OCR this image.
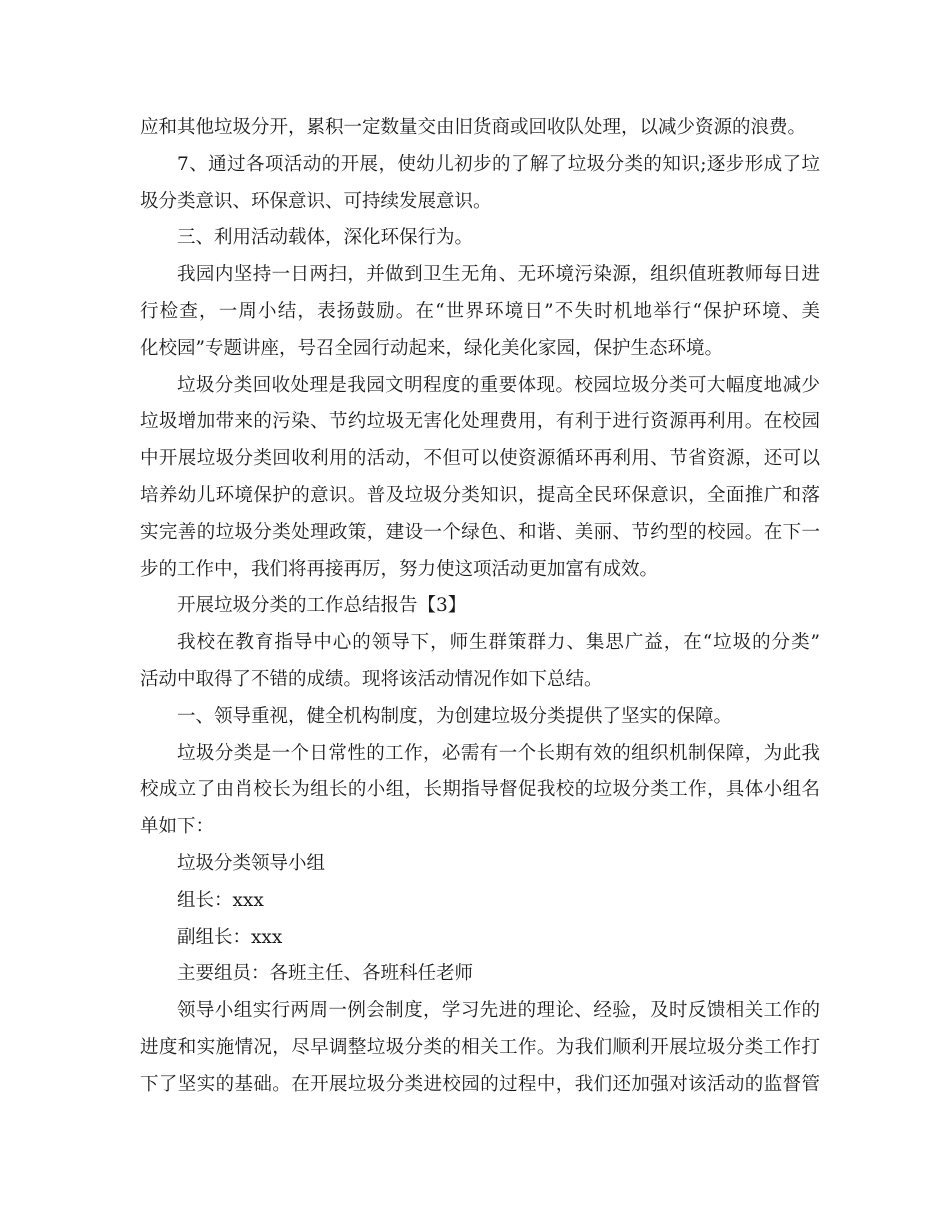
应和其他垃圾分开，累积一定数量交由旧货商或回收队处理，以减少资源的浪费。
7、通过各项活动的开展，使幼儿初步的了解了垃圾分类的知识;逐步形成了垃
圾分类意识、环保意识、可持续发展意识。
三、利用活动载体，深化环保行为。
我园内坚持一日两扫，并做到卫生无角、无环境污染源，组织值班教师每日进
行检查，一周小结，表扬鼓励。在“世界环境日”不失时机地举行“保护环境、美
化校园”专题讲座，号召全园行动起来，绿化美化家园，保护生态环境。
垃圾分类回收处理是我园文明程度的重要体现。校园垃圾分类可大幅度地减少
垃圾增加带来的污染、节约垃圾无害化处理费用，有利于进行资源再利用。在校园
中开展垃圾分类回收利用的活动，不但可以使资源循环再利用、节省资源，还可以
培养幼儿环境保护的意识。普及垃圾分类知识，提高全民环保意识，全面推广和落
实完善的垃圾分类处理政策，建设一个绿色、和谐、美丽、节约型的校园。在下一
步的工作中，我们将再接再厉，努力使这项活动更加富有成效。
开展垃圾分类的工作总结报告【3】
我校在教育指导中心的领导下，师生群策群力、集思广益，在“垃圾的分类”
活动中取得了不错的成绩。现将该活动情况作如下总结。
一、领导重视，健全机构制度，为创建垃圾分类提供了坚实的保障。
垃圾分类是一个日常性的工作，必需有一个长期有效的组织机制保障，为此我
校成立了由肖校长为组长的小组，长期指导督促我校的垃圾分类工作，具体小组名
单如下：
垃圾分类领导小组
组长：xxx
副组长：xxx
主要组员：各班主任、各班科任老师
领导小组实行两周一例会制度，学习先进的理论、经验，及时反馈相关工作的
进度和实施情况，尽早调整垃圾分类的相关工作。为我们顺利开展垃圾分类工作打
下了坚实的基础。在开展垃圾分类进校园的过程中，我们还加强对该活动的监督管
